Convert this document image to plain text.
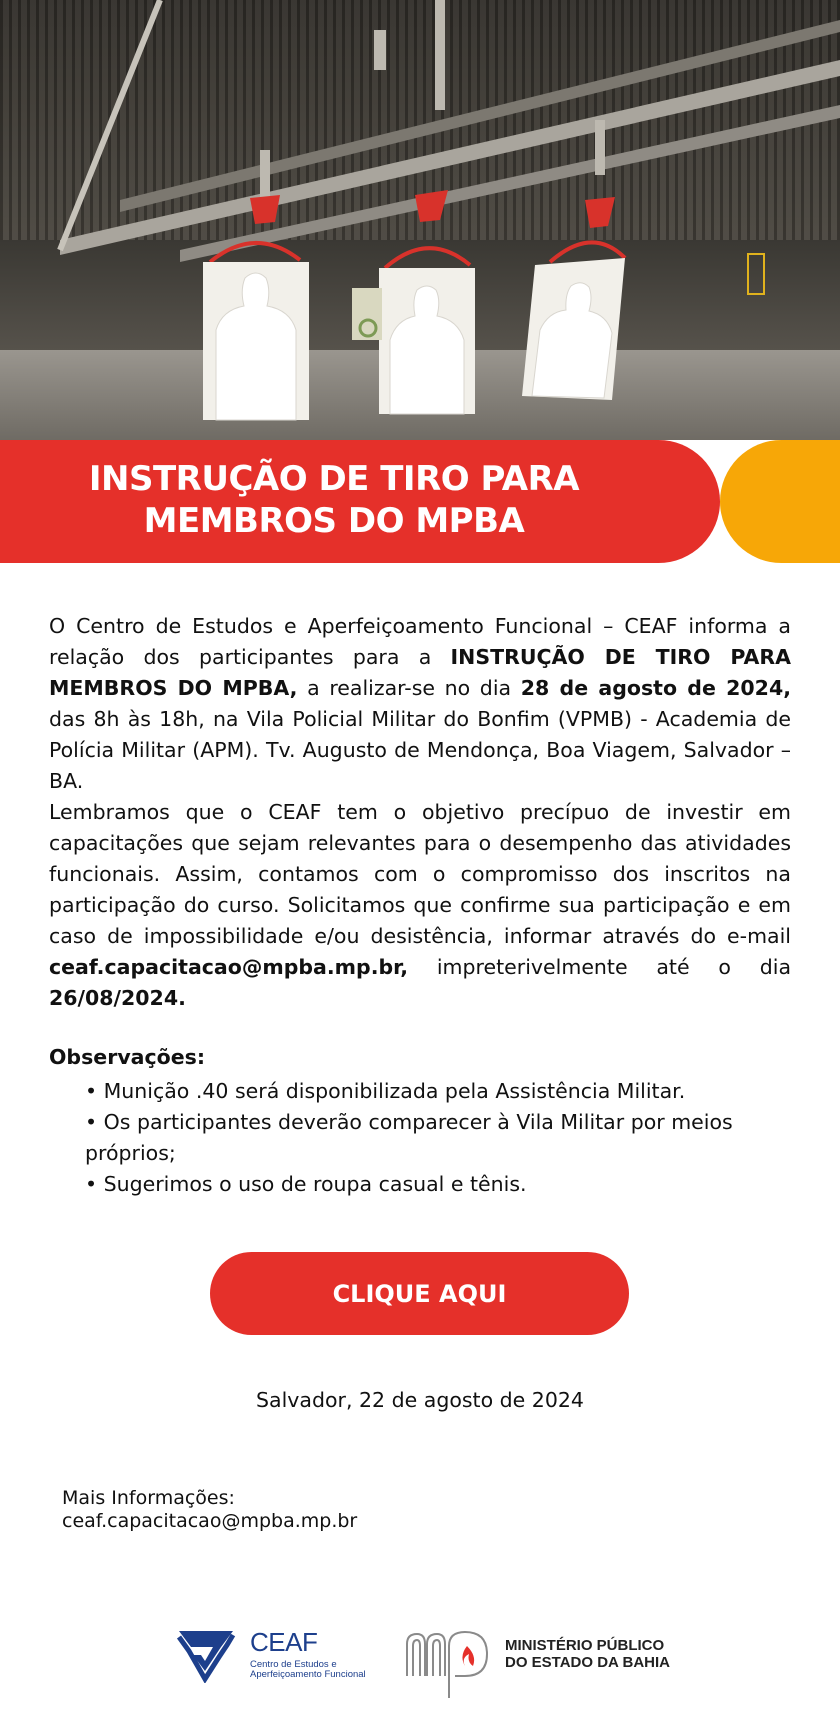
INSTRUÇÃO DE TIRO PARA
MEMBROS DO MPBA
O Centro de Estudos e Aperfeiçoamento Funcional – CEAF informa a relação dos participantes para a INSTRUÇÃO DE TIRO PARA MEMBROS DO MPBA, a realizar-se no dia 28 de agosto de 2024, das 8h às 18h, na Vila Policial Militar do Bonfim (VPMB) - Academia de Polícia Militar (APM). Tv. Augusto de Mendonça, Boa Viagem, Salvador – BA.
Lembramos que o CEAF tem o objetivo precípuo de investir em capacitações que sejam relevantes para o desempenho das atividades funcionais. Assim, contamos com o compromisso dos inscritos na participação do curso. Solicitamos que confirme sua participação e em caso de impossibilidade e/ou desistência, informar através do e-mail ceaf.capacitacao@mpba.mp.br, impreterivelmente até o dia 26/08/2024.
Observações:

• Munição .40 será disponibilizada pela Assistência Militar.

• Os participantes deverão comparecer à Vila Militar por meios próprios;

• Sugerimos o uso de roupa casual e tênis.

CLIQUE AQUI
Salvador, 22 de agosto de 2024
Mais Informações:
ceaf.capacitacao@mpba.mp.br
CEAF
Centro de Estudos e
Aperfeiçoamento Funcional
MINISTÉRIO PÚBLICO
DO ESTADO DA BAHIA
